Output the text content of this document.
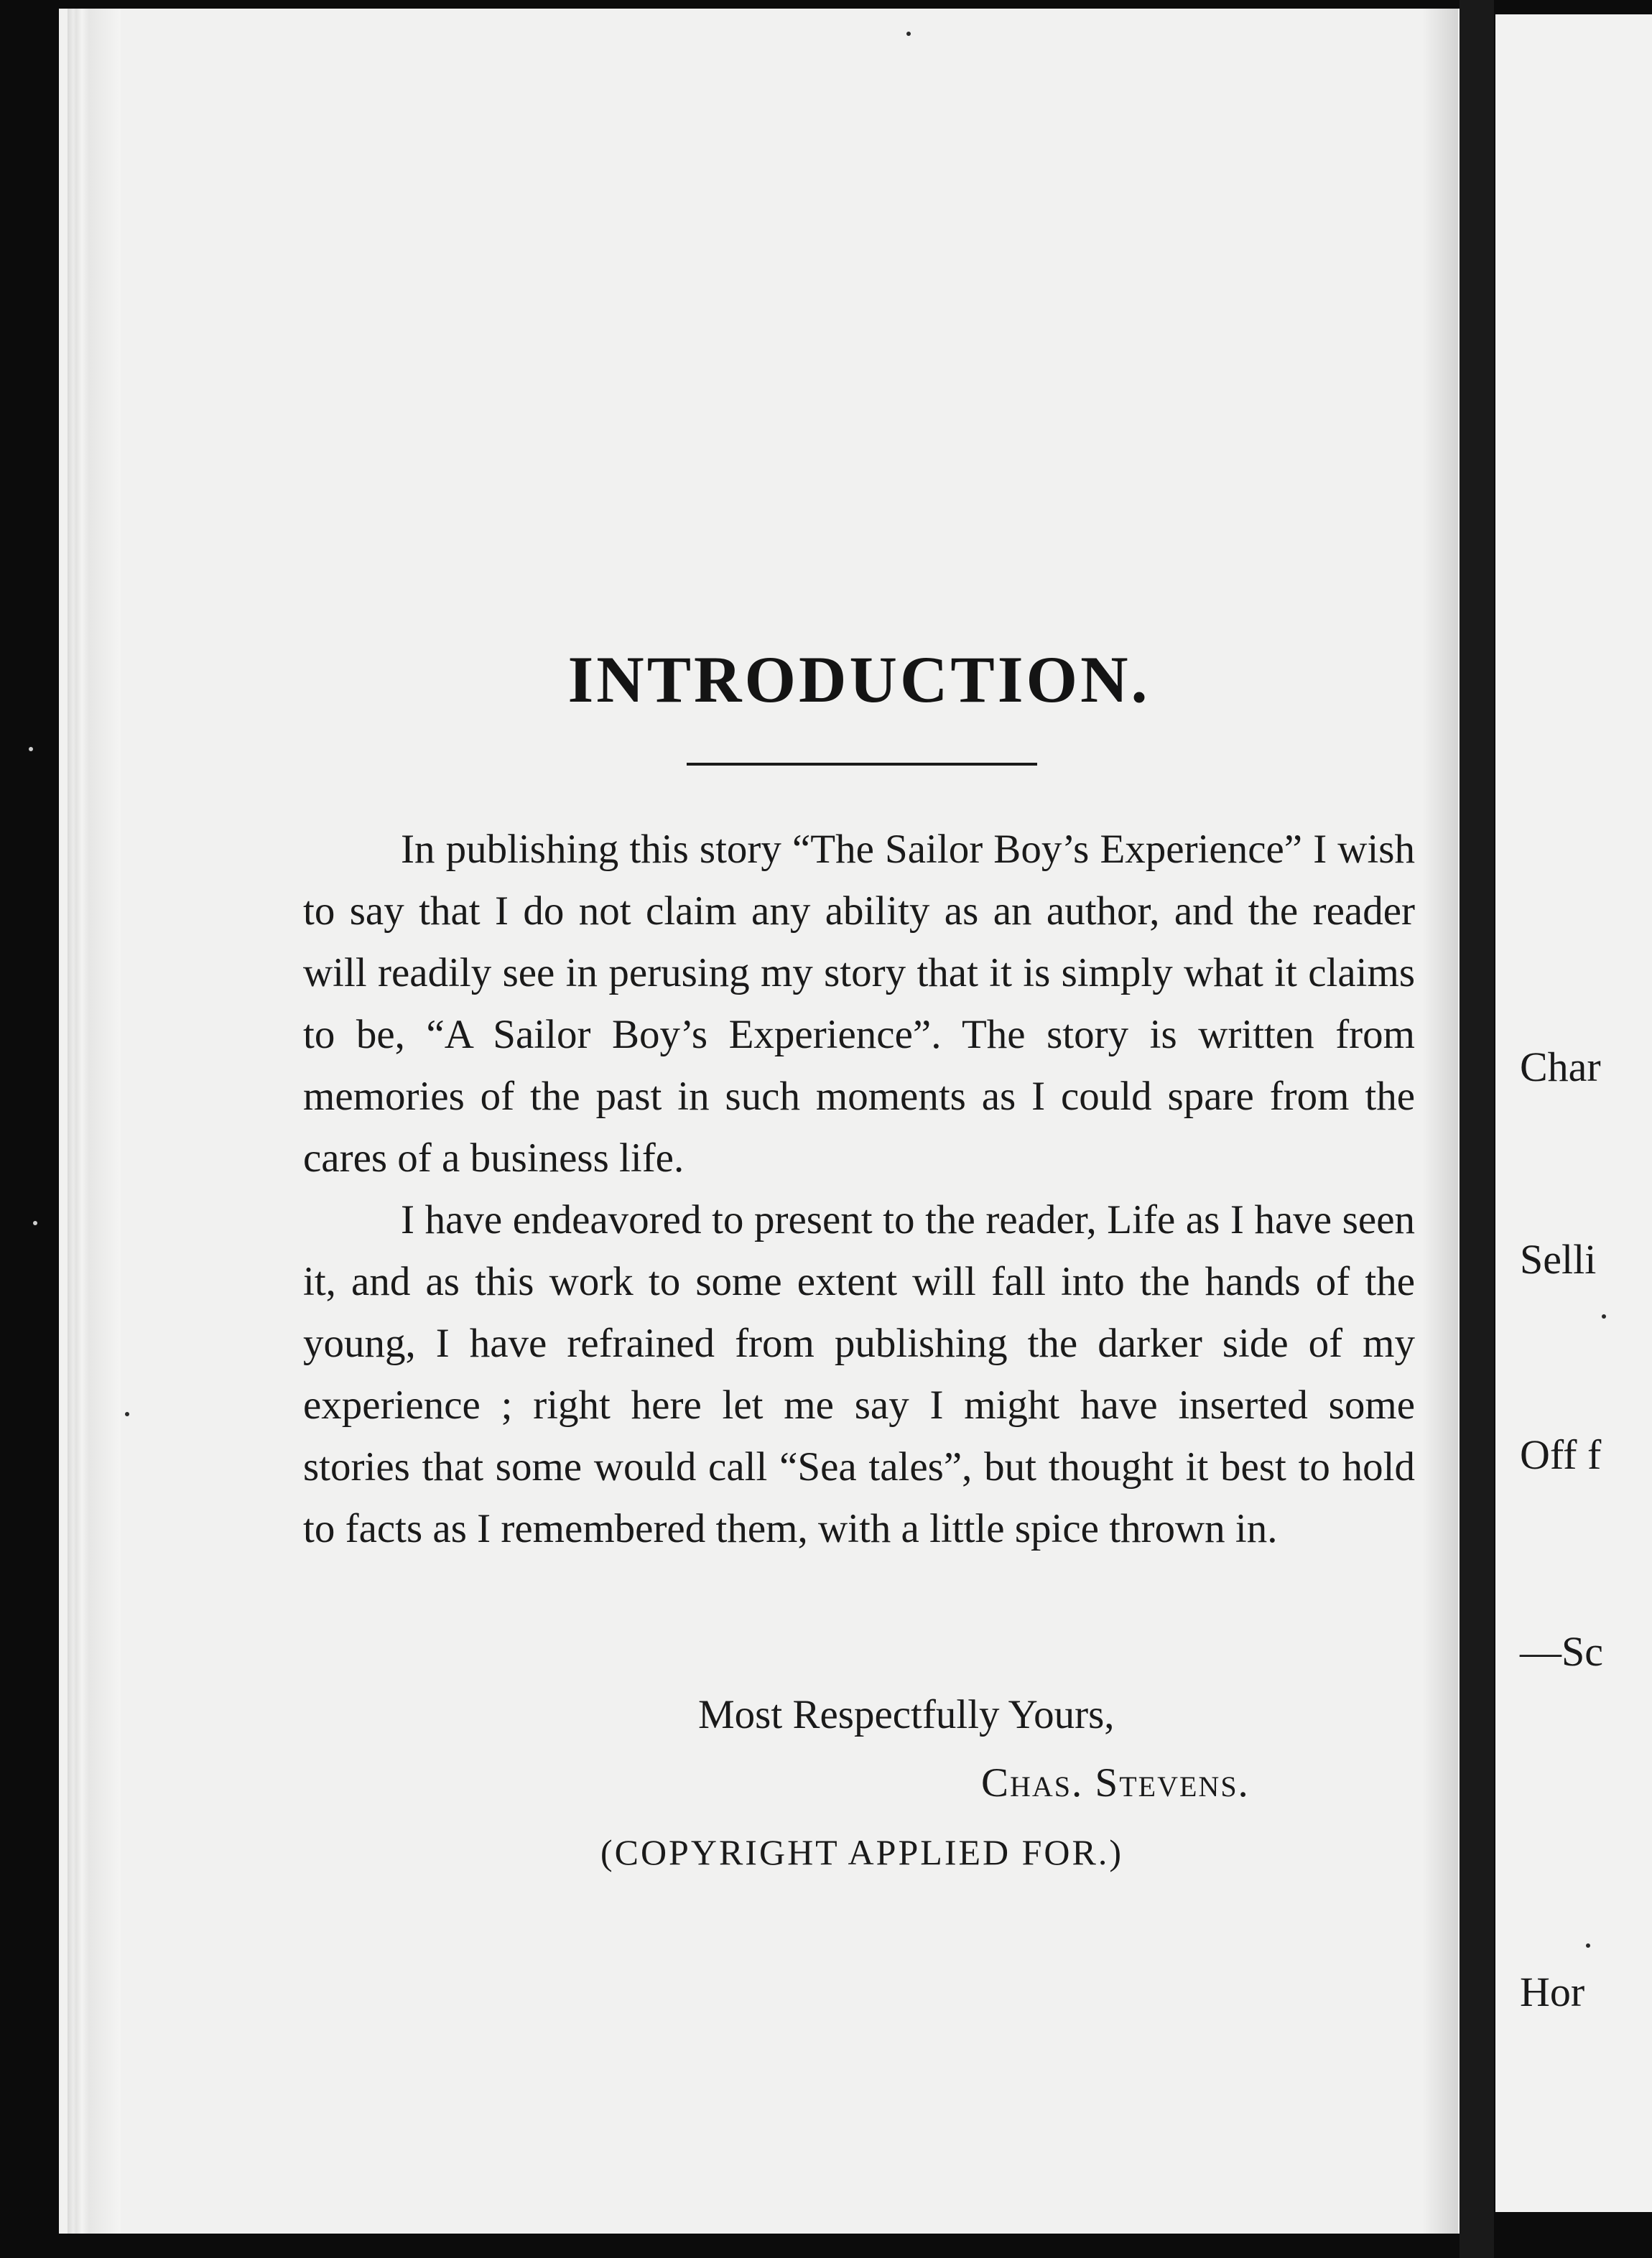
INTRODUCTION.

In publishing this story “The Sailor Boy’s Experience” I wish to say that I do not claim any ability as an author, and the reader will readily see in perusing my story that it is simply what it claims to be, “A Sailor Boy’s Experience”. The story is written from memories of the past in such moments as I could spare from the cares of a business life.

I have endeavored to present to the reader, Life as I have seen it, and as this work to some extent will fall into the hands of the young, I have refrained from publishing the darker side of my experience ; right here let me say I might have inserted some stories that some would call “Sea tales”, but thought it best to hold to facts as I remembered them, with a little spice thrown in.

Most Respectfully Yours,

Chas. Stevens.

(COPYRIGHT APPLIED FOR.)

Char

Selli

Off f

—Sc

Hor
